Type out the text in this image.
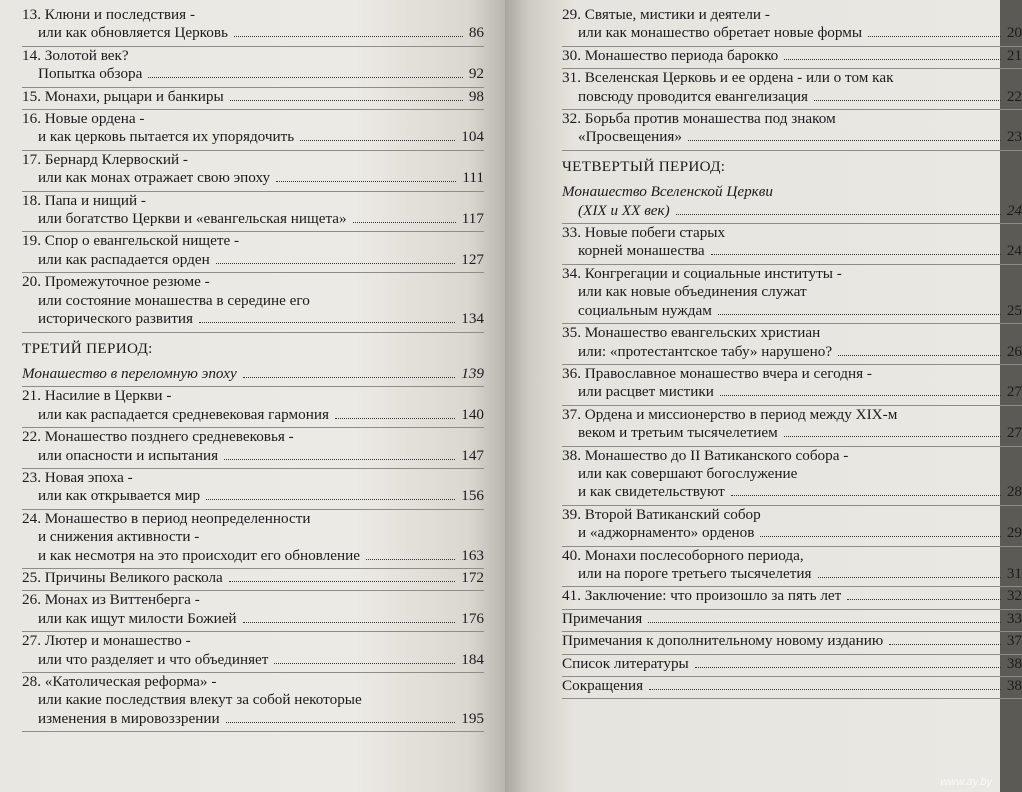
13. Клюни и последствия -
или как обновляется Церковь	86
14. Золотой век?
Попытка обзора	92
15. Монахи, рыцари и банкиры	98
16. Новые ордена -
и как церковь пытается их упорядочить	104
17. Бернард Клервоский -
или как монах отражает свою эпоху	111
18. Папа и нищий -
или богатство Церкви и «евангельская нищета»	117
19. Спор о евангельской нищете -
или как распадается орден	127
20. Промежуточное резюме -
или состояние монашества в середине его
исторического развития	134
ТРЕТИЙ ПЕРИОД:
Монашество в переломную эпоху	139
21. Насилие в Церкви -
или как распадается средневековая гармония	140
22. Монашество позднего средневековья -
или опасности и испытания	147
23. Новая эпоха -
или как открывается мир	156
24. Монашество в период неопределенности
и снижения активности -
и как несмотря на это происходит его обновление	163
25. Причины Великого раскола	172
26. Монах из Виттенберга -
или как ищут милости Божией	176
27. Лютер и монашество -
или что разделяет и что объединяет	184
28. «Католическая реформа» -
или какие последствия влекут за собой некоторые
изменения в мировоззрении	195
29. Святые, мистики и деятели -
или как монашество обретает новые формы	20
30. Монашество периода барокко	21
31. Вселенская Церковь и ее ордена - или о том как
повсюду проводится евангелизация	22
32. Борьба против монашества под знаком
«Просвещения»	23
ЧЕТВЕРТЫЙ ПЕРИОД:
Монашество Вселенской Церкви
(XIX и XX век)	24
33. Новые побеги старых
корней монашества	24
34. Конгрегации и социальные институты -
или как новые объединения служат
социальным нуждам	25
35. Монашество евангельских христиан
или: «протестантское табу» нарушено?	26
36. Православное монашество вчера и сегодня -
или расцвет мистики	27
37. Ордена и миссионерство в период между XIX-м
веком и третьим тысячелетием	27
38. Монашество до II Ватиканского собора -
или как совершают богослужение
и как свидетельствуют	28
39. Второй Ватиканский собор
и «аджорнаменто» орденов	29
40. Монахи послесоборного периода,
или на пороге третьего тысячелетия	31
41. Заключение: что произошло за пять лет	32
Примечания	33
Примечания к дополнительному новому изданию	37
Список литературы	38
Сокращения	38
www.ay.by
